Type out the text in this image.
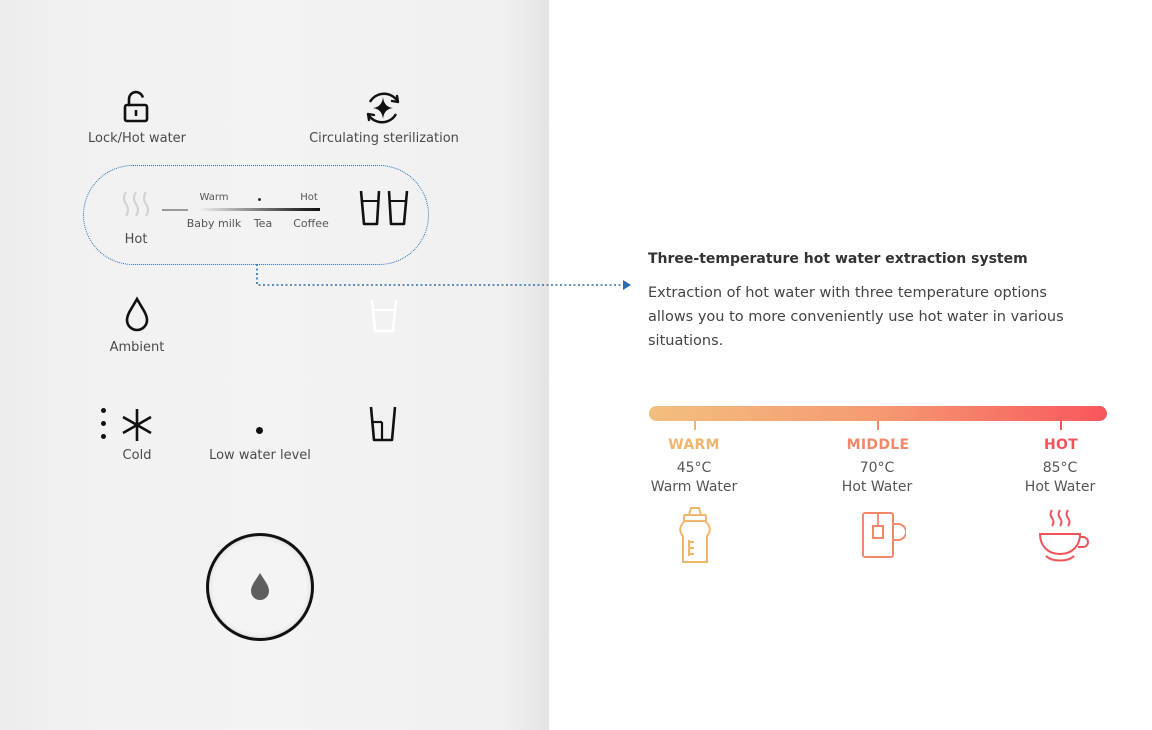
Lock/Hot water	Circulating sterilization
Hot
Warm	Hot
Baby milk Tea Coffee
Ambient
Cold	Low water level
Three-temperature hot water extraction system
Extraction of hot water with three temperature options allows you to more conveniently use hot water in various situations.
WARM
45°C
Warm Water
MIDDLE
70°C
Hot Water
HOT
85°C
Hot Water
